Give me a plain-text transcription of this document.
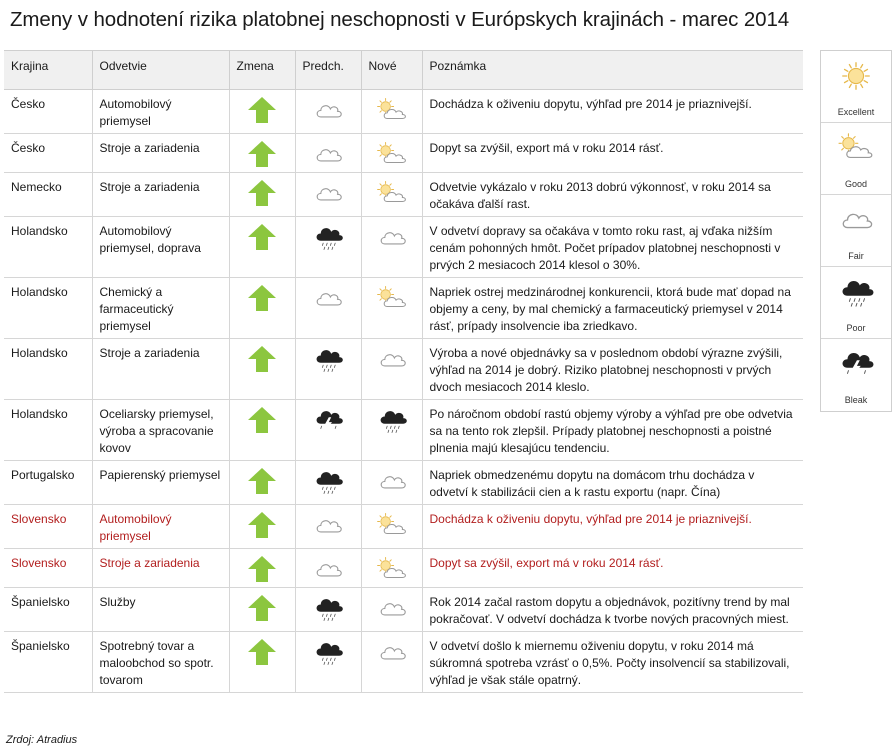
Zmeny v hodnotení rizika platobnej neschopnosti v Európskych krajinách - marec 2014
Krajina	Odvetvie	Zmena	Predch.	Nové	Poznámka
Česko	Automobilový priemysel				Dochádza k oživeniu dopytu, výhľad pre 2014 je priaznivejší.
Česko	Stroje a zariadenia				Dopyt sa zvýšil, export má v roku 2014 rásť.
Nemecko	Stroje a zariadenia				Odvetvie vykázalo v roku 2013 dobrú výkonnosť, v roku 2014 sa očakáva ďalší rast.
Holandsko	Automobilový priemysel, doprava				V odvetví dopravy sa očakáva v tomto roku rast, aj vďaka nižším cenám pohonných hmôt. Počet prípadov platobnej neschopnosti v prvých 2 mesiacoch 2014 klesol o 30%.
Holandsko	Chemický a farmaceutický priemysel				Napriek ostrej medzinárodnej konkurencii, ktorá bude mať dopad na objemy a ceny, by mal chemický a farmaceutický priemysel v 2014 rásť, prípady insolvencie iba zriedkavo.
Holandsko	Stroje a zariadenia				Výroba a nové objednávky sa v poslednom období výrazne zvýšili, výhľad na 2014 je dobrý. Riziko platobnej neschopnosti v prvých dvoch mesiacoch 2014 kleslo.
Holandsko	Oceliarsky priemysel, výroba a spracovanie kovov				Po náročnom období rastú objemy výroby a výhľad pre obe odvetvia sa na tento rok zlepšil. Prípady platobnej neschopnosti a poistné plnenia majú klesajúcu tendenciu.
Portugalsko	Papierenský priemysel				Napriek obmedzenému dopytu na domácom trhu dochádza v odvetví k stabilizácii cien a k rastu exportu (napr. Čína)
Slovensko	Automobilový priemysel				Dochádza k oživeniu dopytu, výhľad pre 2014 je priaznivejší.
Slovensko	Stroje a zariadenia				Dopyt sa zvýšil, export má v roku 2014 rásť.
Španielsko	Služby				Rok 2014 začal rastom dopytu a objednávok, pozitívny trend by mal pokračovať. V odvetví dochádza k tvorbe nových pracovných miest.
Španielsko	Spotrebný tovar a maloobchod so spotr. tovarom				V odvetví došlo k miernemu oživeniu dopytu, v roku 2014 má súkromná spotreba vzrásť o 0,5%. Počty insolvencií sa stabilizovali, výhľad je však stále opatrný.
Excellent
Good
Fair
Poor
Bleak
Zrdoj: Atradius
